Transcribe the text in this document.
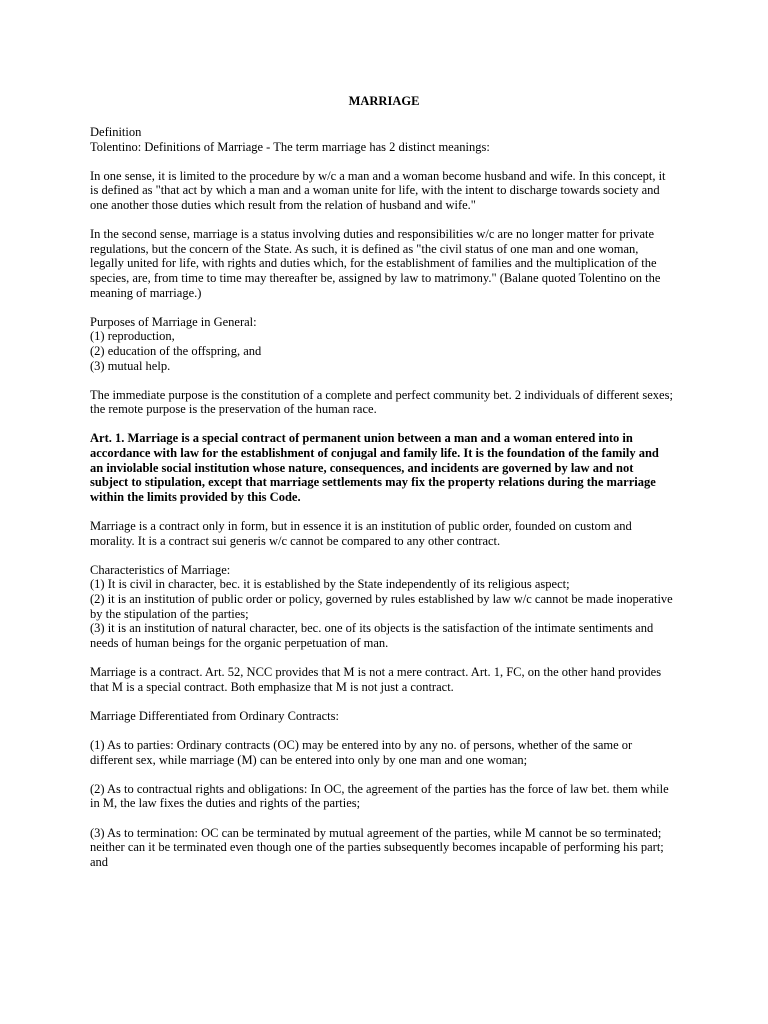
MARRIAGE
Definition
Tolentino: Definitions of Marriage - The term marriage has 2 distinct meanings:
In one sense, it is limited to the procedure by w/c a man and a woman become husband and wife. In this concept, it
is defined as "that act by which a man and a woman unite for life, with the intent to discharge towards society and
one another those duties which result from the relation of husband and wife."
In the second sense, marriage is a status involving duties and responsibilities w/c are no longer matter for private
regulations, but the concern of the State. As such, it is defined as "the civil status of one man and one woman,
legally united for life, with rights and duties which, for the establishment of families and the multiplication of the
species, are, from time to time may thereafter be, assigned by law to matrimony." (Balane quoted Tolentino on the
meaning of marriage.)
Purposes of Marriage in General:
(1) reproduction,
(2) education of the offspring, and
(3) mutual help.
The immediate purpose is the constitution of a complete and perfect community bet. 2 individuals of different sexes;
the remote purpose is the preservation of the human race.
Art. 1. Marriage is a special contract of permanent union between a man and a woman entered into in
accordance with law for the establishment of conjugal and family life. It is the foundation of the family and
an inviolable social institution whose nature, consequences, and incidents are governed by law and not
subject to stipulation, except that marriage settlements may fix the property relations during the marriage
within the limits provided by this Code.
Marriage is a contract only in form, but in essence it is an institution of public order, founded on custom and
morality. It is a contract sui generis w/c cannot be compared to any other contract.
Characteristics of Marriage:
(1) It is civil in character, bec. it is established by the State independently of its religious aspect;
(2) it is an institution of public order or policy, governed by rules established by law w/c cannot be made inoperative
by the stipulation of the parties;
(3) it is an institution of natural character, bec. one of its objects is the satisfaction of the intimate sentiments and
needs of human beings for the organic perpetuation of man.
Marriage is a contract. Art. 52, NCC provides that M is not a mere contract. Art. 1, FC, on the other hand provides
that M is a special contract. Both emphasize that M is not just a contract.
Marriage Differentiated from Ordinary Contracts:
(1) As to parties: Ordinary contracts (OC) may be entered into by any no. of persons, whether of the same or
different sex, while marriage (M) can be entered into only by one man and one woman;
(2) As to contractual rights and obligations: In OC, the agreement of the parties has the force of law bet. them while
in M, the law fixes the duties and rights of the parties;
(3) As to termination: OC can be terminated by mutual agreement of the parties, while M cannot be so terminated;
neither can it be terminated even though one of the parties subsequently becomes incapable of performing his part;
and
